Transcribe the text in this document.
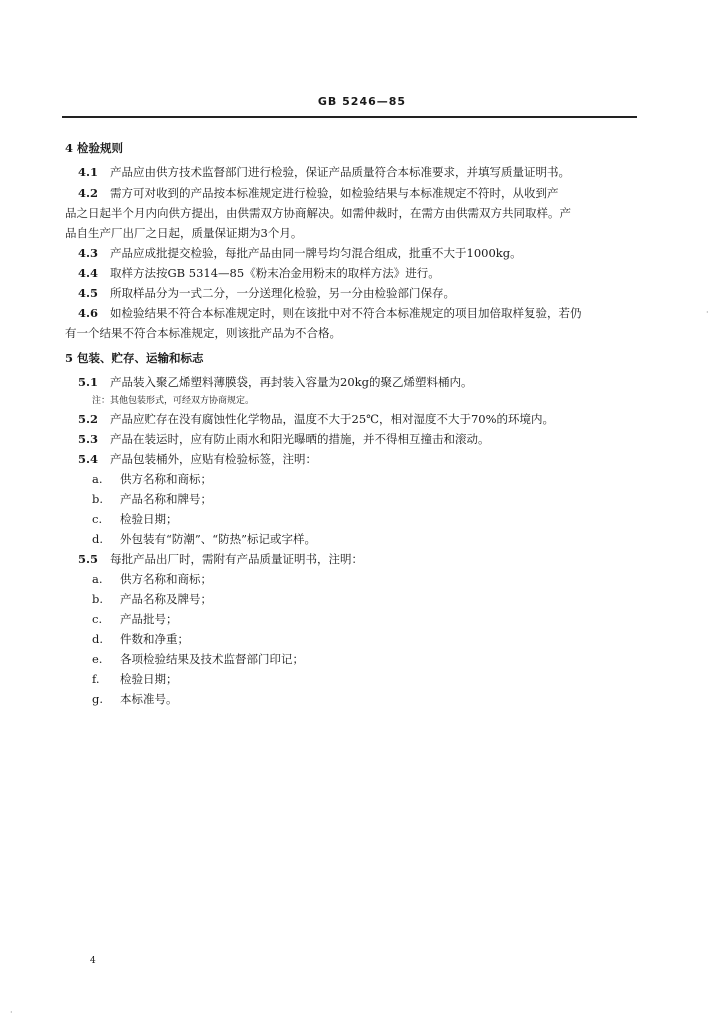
GB 5246—85
4 检验规则
4.1 产品应由供方技术监督部门进行检验，保证产品质量符合本标准要求，并填写质量证明书。
4.2 需方可对收到的产品按本标准规定进行检验，如检验结果与本标准规定不符时，从收到产
品之日起半个月内向供方提出，由供需双方协商解决。如需仲裁时，在需方由供需双方共同取样。产
品自生产厂出厂之日起，质量保证期为3个月。
4.3 产品应成批提交检验，每批产品由同一牌号均匀混合组成，批重不大于1000kg。
4.4 取样方法按GB 5314—85《粉末冶金用粉末的取样方法》进行。
4.5 所取样品分为一式二分，一分送理化检验，另一分由检验部门保存。
4.6 如检验结果不符合本标准规定时，则在该批中对不符合本标准规定的项目加倍取样复验，若仍
有一个结果不符合本标准规定，则该批产品为不合格。
5 包装、贮存、运输和标志
5.1 产品装入聚乙烯塑料薄膜袋，再封装入容量为20kg的聚乙烯塑料桶内。
注：其他包装形式，可经双方协商规定。
5.2 产品应贮存在没有腐蚀性化学物品，温度不大于25℃，相对湿度不大于70%的环境内。
5.3 产品在装运时，应有防止雨水和阳光曝晒的措施，并不得相互撞击和滚动。
5.4 产品包装桶外，应贴有检验标签，注明：
a. 供方名称和商标；
b. 产品名称和牌号；
c. 检验日期；
d. 外包装有“防潮”、“防热”标记或字样。
5.5 每批产品出厂时，需附有产品质量证明书，注明：
a. 供方名称和商标；
b. 产品名称及牌号；
c. 产品批号；
d. 件数和净重；
e. 各项检验结果及技术监督部门印记；
f. 检验日期；
g. 本标准号。
4
·
·
